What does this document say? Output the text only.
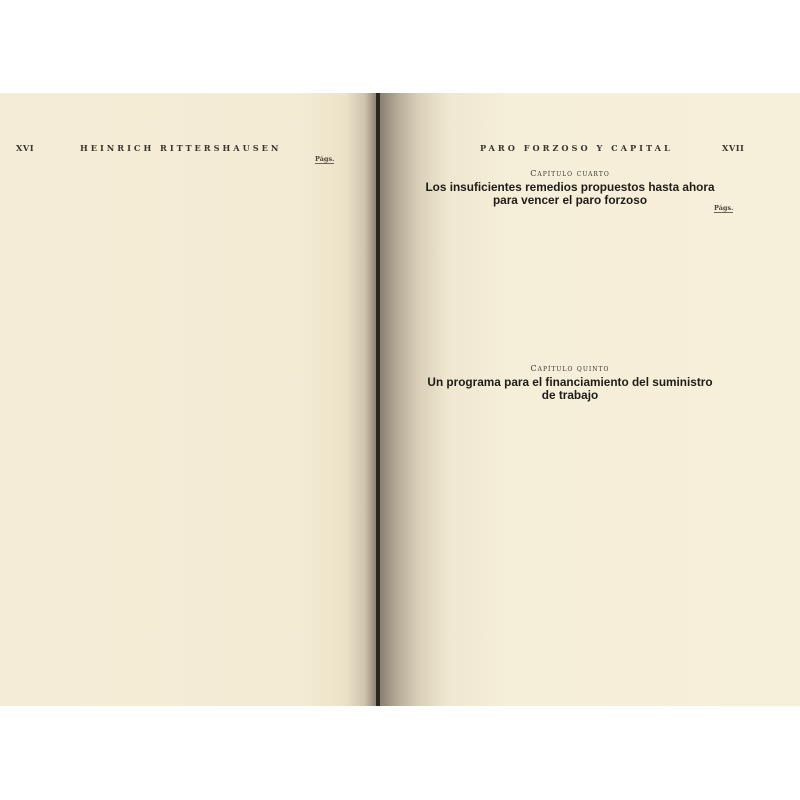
XVI	HEINRICH RITTERSHAUSEN
Págs.
PARO FORZOSO Y CAPITAL	XVII
Capítulo cuarto
Los insuficientes remedios propuestos hasta ahora
para vencer el paro forzoso
Págs.
Capítulo quinto
Un programa para el financiamiento del suministro
de trabajo
